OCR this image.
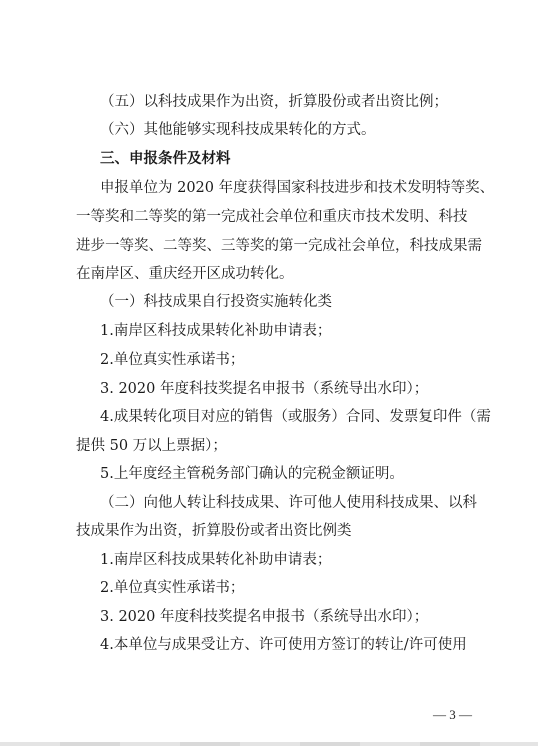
（五）以科技成果作为出资，折算股份或者出资比例；
（六）其他能够实现科技成果转化的方式。
三、申报条件及材料
申报单位为 2020 年度获得国家科技进步和技术发明特等奖、
一等奖和二等奖的第一完成社会单位和重庆市技术发明、科技
进步一等奖、二等奖、三等奖的第一完成社会单位，科技成果需
在南岸区、重庆经开区成功转化。
（一）科技成果自行投资实施转化类
1.南岸区科技成果转化补助申请表；
2.单位真实性承诺书；
3. 2020 年度科技奖提名申报书（系统导出水印）；
4.成果转化项目对应的销售（或服务）合同、发票复印件（需
提供 50 万以上票据）；
5.上年度经主管税务部门确认的完税金额证明。
（二）向他人转让科技成果、许可他人使用科技成果、以科
技成果作为出资，折算股份或者出资比例类
1.南岸区科技成果转化补助申请表；
2.单位真实性承诺书；
3. 2020 年度科技奖提名申报书（系统导出水印）；
4.本单位与成果受让方、许可使用方签订的转让/许可使用
— 3 —
